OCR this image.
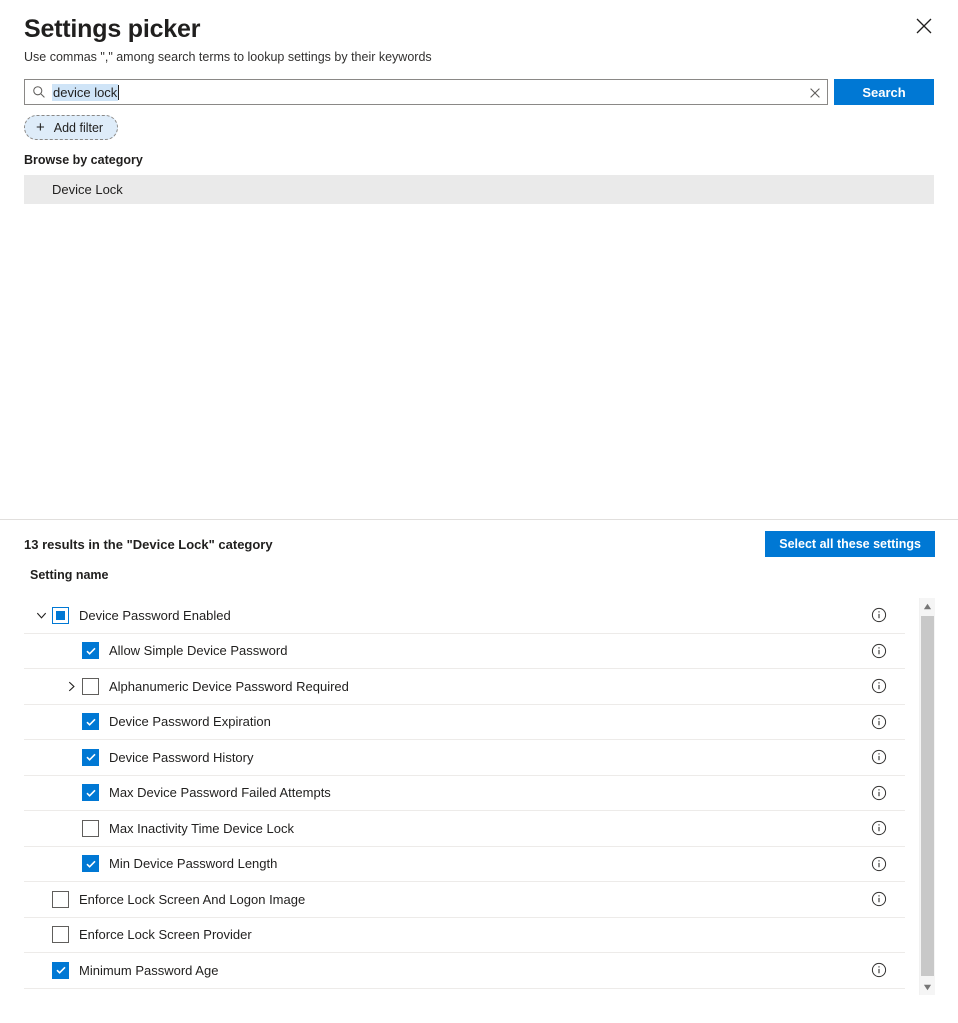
Settings picker
Use commas "," among search terms to lookup settings by their keywords
device lock	Search
+ Add filter
Browse by category
Device Lock
13 results in the "Device Lock" category	Select all these settings
Setting name
Device Password Enabled
Allow Simple Device Password
Alphanumeric Device Password Required
Device Password Expiration
Device Password History
Max Device Password Failed Attempts
Max Inactivity Time Device Lock
Min Device Password Length
Enforce Lock Screen And Logon Image
Enforce Lock Screen Provider
Minimum Password Age
